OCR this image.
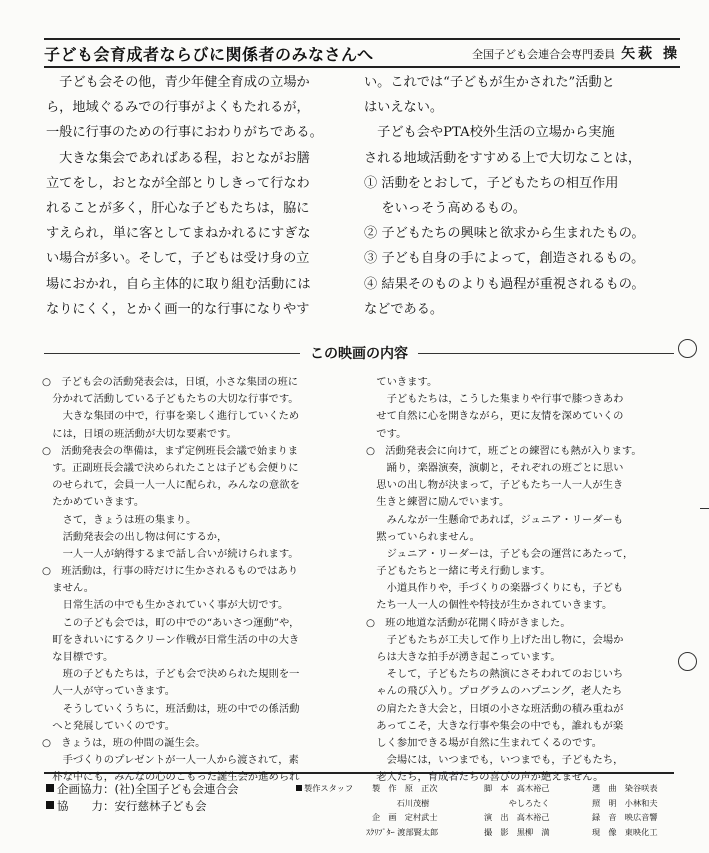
子ども会育成者ならびに関係者のみなさんへ	全国子ども会連合会専門委員 矢萩 操

　子ども会その他，青少年健全育成の立場か

ら，地域ぐるみでの行事がよくもたれるが，

一般に行事のための行事におわりがちである。

　大きな集会であればある程，おとながお膳

立てをし，おとなが全部とりしきって行なわ

れることが多く，肝心な子どもたちは，脇に

すえられ，単に客としてまねかれるにすぎな

い場合が多い。そして，子どもは受け身の立

場におかれ，自ら主体的に取り組む活動には

なりにくく，とかく画一的な行事になりやす

い。これでは“子どもが生かされた”活動と

はいえない。

　子ども会やPTA校外生活の立場から実施

される地域活動をすすめる上で大切なことは，

① 活動をとおして，子どもたちの相互作用

　 をいっそう高めるもの。

② 子どもたちの興味と欲求から生まれたもの。

③ 子ども自身の手によって，創造されるもの。

④ 結果そのものよりも過程が重視されるもの。

などである。

この映画の内容
○　子ども会の活動発表会は，日頃，小さな集団の班に
　分かれて活動している子どもたちの大切な行事です。
　　大きな集団の中で，行事を楽しく進行していくため
　には，日頃の班活動が大切な要素です。
○　活動発表会の準備は，まず定例班長会議で始まりま
　す。正副班長会議で決められたことは子ども会便りに
　のせられて，会員一人一人に配られ，みんなの意欲を
　たかめていきます。
　　さて，きょうは班の集まり。
　　活動発表会の出し物は何にするか，
　　一人一人が納得するまで話し合いが続けられます。
○　班活動は，行事の時だけに生かされるものではあり
　ません。
　　日常生活の中でも生かされていく事が大切です。
　　この子ども会では，町の中での“あいさつ運動”や，
　町をきれいにするクリーン作戦が日常生活の中の大き
　な目標です。
　　班の子どもたちは，子ども会で決められた規則を一
　人一人が守っていきます。
　　そうしていくうちに，班活動は，班の中での係活動
　へと発展していくのです。
○　きょうは，班の仲間の誕生会。
　　手づくりのプレゼントが一人一人から渡されて，素
　朴な中にも，みんなの心のこもった誕生会が進められ
　ていきます。
　　子どもたちは，こうした集まりや行事で膝つきあわ
　せて自然に心を開きながら，更に友情を深めていくの
　です。
○　活動発表会に向けて，班ごとの練習にも熱が入ります。
　　踊り，楽器演奏，演劇と，それぞれの班ごとに思い
　思いの出し物が決まって，子どもたち一人一人が生き
　生きと練習に励んでいます。
　　みんなが一生懸命であれば，ジュニア・リーダーも
　黙っていられません。
　　ジュニア・リーダーは，子ども会の運営にあたって，
　子どもたちと一緒に考え行動します。
　　小道具作りや，手づくりの楽器づくりにも，子ども
　たち一人一人の個性や特技が生かされていきます。
○　班の地道な活動が花開く時がきました。
　　子どもたちが工夫して作り上げた出し物に，会場か
　らは大きな拍手が湧き起こっています。
　　そして，子どもたちの熱演にさそわれてのおじいち
　ゃんの飛び入り。プログラムのハプニング，老人たち
　の肩たたき大会と，日頃の小さな班活動の積み重ねが
　あってこそ，大きな行事や集会の中でも，誰れもが楽
　しく参加できる場が自然に生まれてくるのです。
　　会場には，いつまでも，いつまでも，子どもたち，
　老人たち，育成者たちの喜びの声が絶えません。
企画協力：(社)全国子ども会連合会
協　　力：安行慈林子ども会
製作スタッフ 製　作　 原　正次
　　　石川茂樹
企　画　 定村武士
ｽｸﾘﾌﾟﾀｰ 渡部賢太郎
脚　本　 高木裕己
　　　やしろたく
演　出　 高木裕己
撮　影　 黒柳　満
選　曲　 染谷咲表
照　明　 小林和夫
録　音　 映広音響
現　像　 東映化工
